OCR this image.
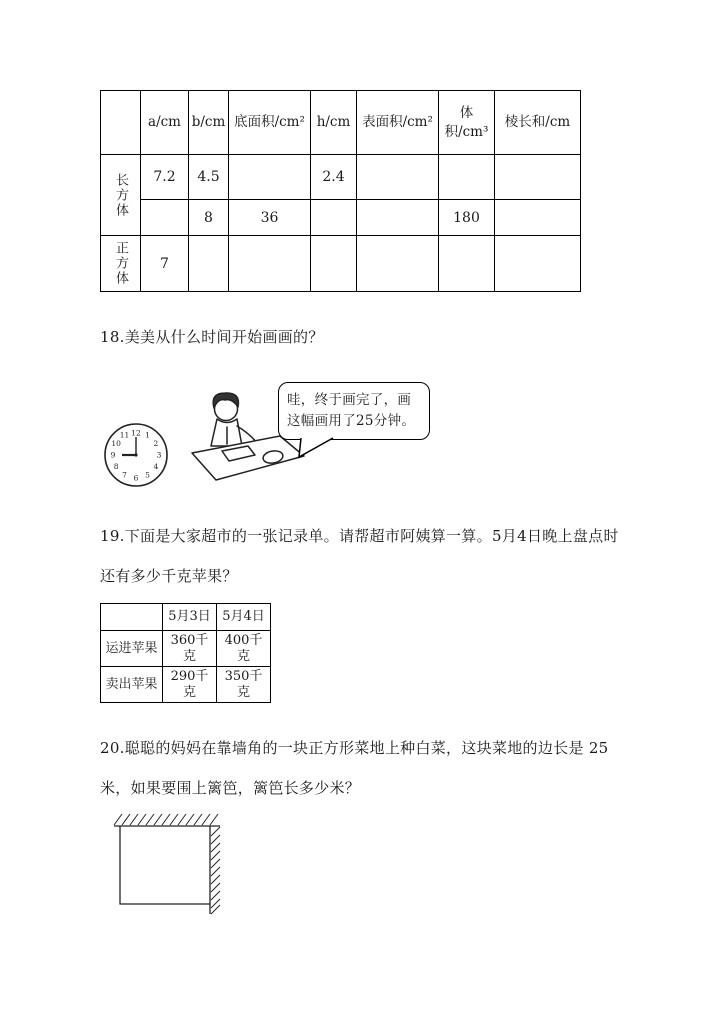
	a/cm	b/cm	底面积/cm²	h/cm	表面积/cm²	体积/cm³	棱长和/cm

长方体	7.2	4.5		2.4			
		8	36			180	

正方体	7						
18.美美从什么时间开始画画的？
12 1
2
3
4
5
6
7
8
9
10
11
哇，终于画完了，画
这幅画用了25分钟。
19.下面是大家超市的一张记录单。请帮超市阿姨算一算。5月4日晚上盘点时
还有多少千克苹果？
	5月3日	5月4日
运进苹果	360千克	400千克
卖出苹果	290千克	350千克
20.聪聪的妈妈在靠墙角的一块正方形菜地上种白菜，这块菜地的边长是 25
米，如果要围上篱笆，篱笆长多少米？
